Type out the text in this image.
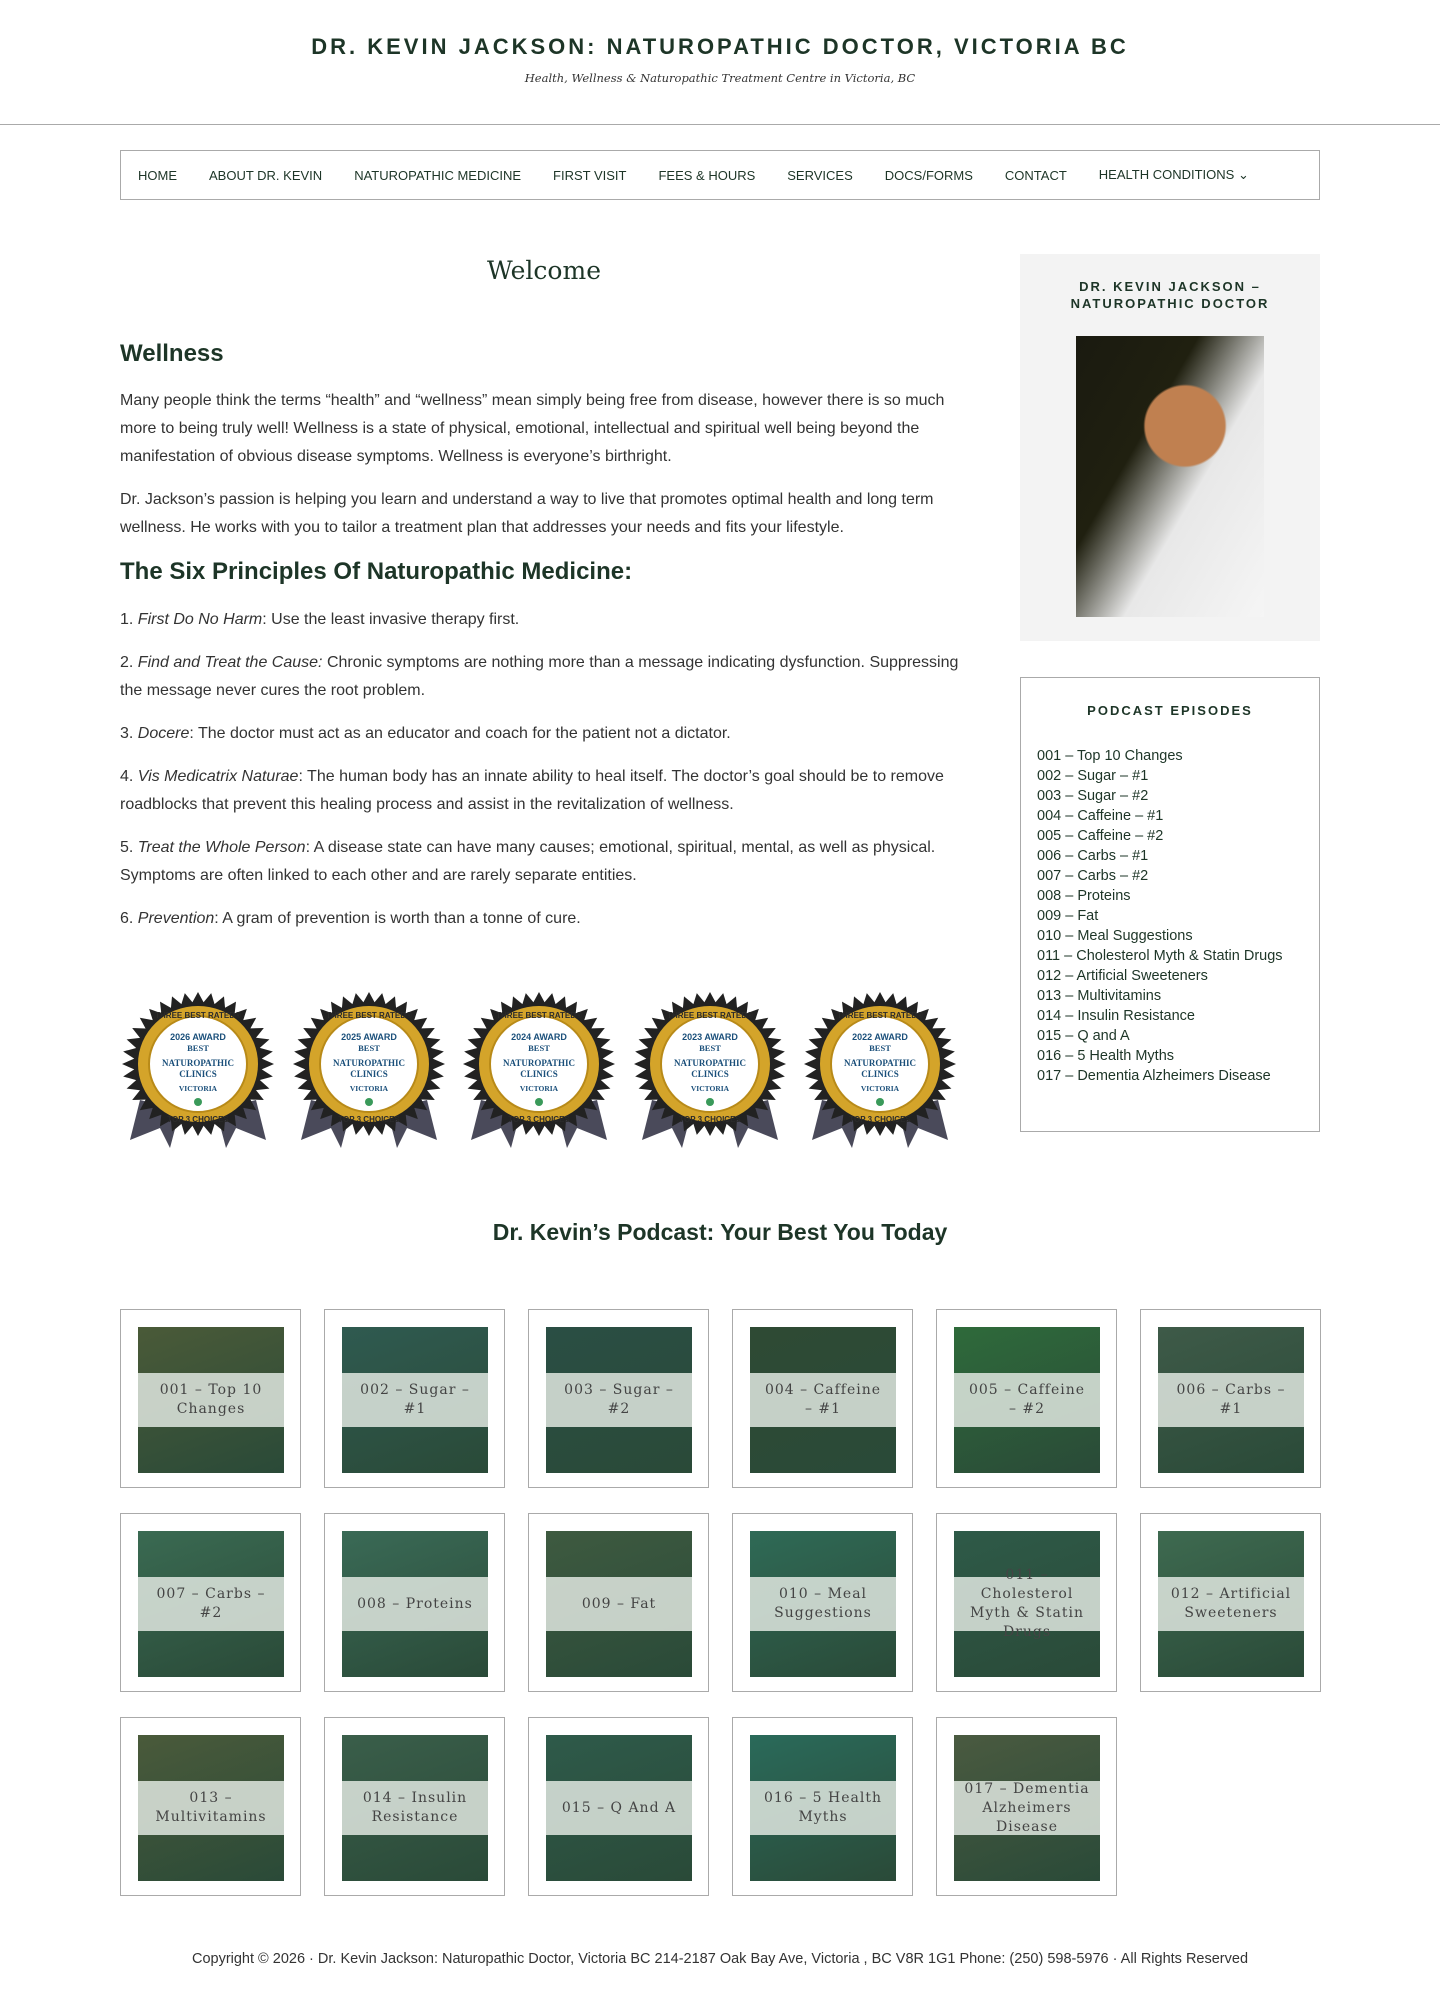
DR. KEVIN JACKSON: NATUROPATHIC DOCTOR, VICTORIA BC
Health, Wellness & Naturopathic Treatment Centre in Victoria, BC
HOME ABOUT DR. KEVIN NATUROPATHIC MEDICINE FIRST VISIT FEES & HOURS SERVICES DOCS/FORMS CONTACT HEALTH CONDITIONS ⌄
Welcome
Wellness

Many people think the terms “health” and “wellness” mean simply being free from disease, however there is so much more to being truly well! Wellness is a state of physical, emotional, intellectual and spiritual well being beyond the manifestation of obvious disease symptoms. Wellness is everyone’s birthright.

Dr. Jackson’s passion is helping you learn and understand a way to live that promotes optimal health and long term wellness. He works with you to tailor a treatment plan that addresses your needs and fits your lifestyle.

The Six Principles Of Naturopathic Medicine:

1. First Do No Harm: Use the least invasive therapy first.

2. Find and Treat the Cause: Chronic symptoms are nothing more than a message indicating dysfunction. Suppressing the message never cures the root problem.

3. Docere: The doctor must act as an educator and coach for the patient not a dictator.

4. Vis Medicatrix Naturae: The human body has an innate ability to heal itself. The doctor’s goal should be to remove roadblocks that prevent this healing process and assist in the revitalization of wellness.

5. Treat the Whole Person: A disease state can have many causes; emotional, spiritual, mental, as well as physical. Symptoms are often linked to each other and are rarely separate entities.

6. Prevention: A gram of prevention is worth than a tonne of cure.

THREE BEST RATED®
2026 AWARD
BEST
NATUROPATHIC
CLINICS
VICTORIA
TOP 3 CHOICES
THREE BEST RATED®
2025 AWARD
BEST
NATUROPATHIC
CLINICS
VICTORIA
TOP 3 CHOICES
THREE BEST RATED®
2024 AWARD
BEST
NATUROPATHIC
CLINICS
VICTORIA
TOP 3 CHOICES
THREE BEST RATED®
2023 AWARD
BEST
NATUROPATHIC
CLINICS
VICTORIA
TOP 3 CHOICES
THREE BEST RATED®
2022 AWARD
BEST
NATUROPATHIC
CLINICS
VICTORIA
TOP 3 CHOICES
DR. KEVIN JACKSON – NATUROPATHIC DOCTOR
PODCAST EPISODES
001 – Top 10 Changes
002 – Sugar – #1
003 – Sugar – #2
004 – Caffeine – #1
005 – Caffeine – #2
006 – Carbs – #1
007 – Carbs – #2
008 – Proteins
009 – Fat
010 – Meal Suggestions
011 – Cholesterol Myth & Statin Drugs
012 – Artificial Sweeteners
013 – Multivitamins
014 – Insulin Resistance
015 – Q and A
016 – 5 Health Myths
017 – Dementia Alzheimers Disease
Dr. Kevin’s Podcast: Your Best You Today
001 – Top 10 Changes
002 – Sugar – #1
003 – Sugar – #2
004 – Caffeine – #1
005 – Caffeine – #2
006 – Carbs – #1
007 – Carbs – #2
008 – Proteins	009 – Fat
010 – Meal Suggestions
011 – Cholesterol Myth & Statin Drugs
012 – Artificial Sweeteners
013 – Multivitamins
014 – Insulin Resistance
015 – Q And A
016 – 5 Health Myths
017 – Dementia Alzheimers Disease
Copyright © 2026 · Dr. Kevin Jackson: Naturopathic Doctor, Victoria BC 214-2187 Oak Bay Ave, Victoria , BC V8R 1G1 Phone: (250) 598-5976 · All Rights Reserved
